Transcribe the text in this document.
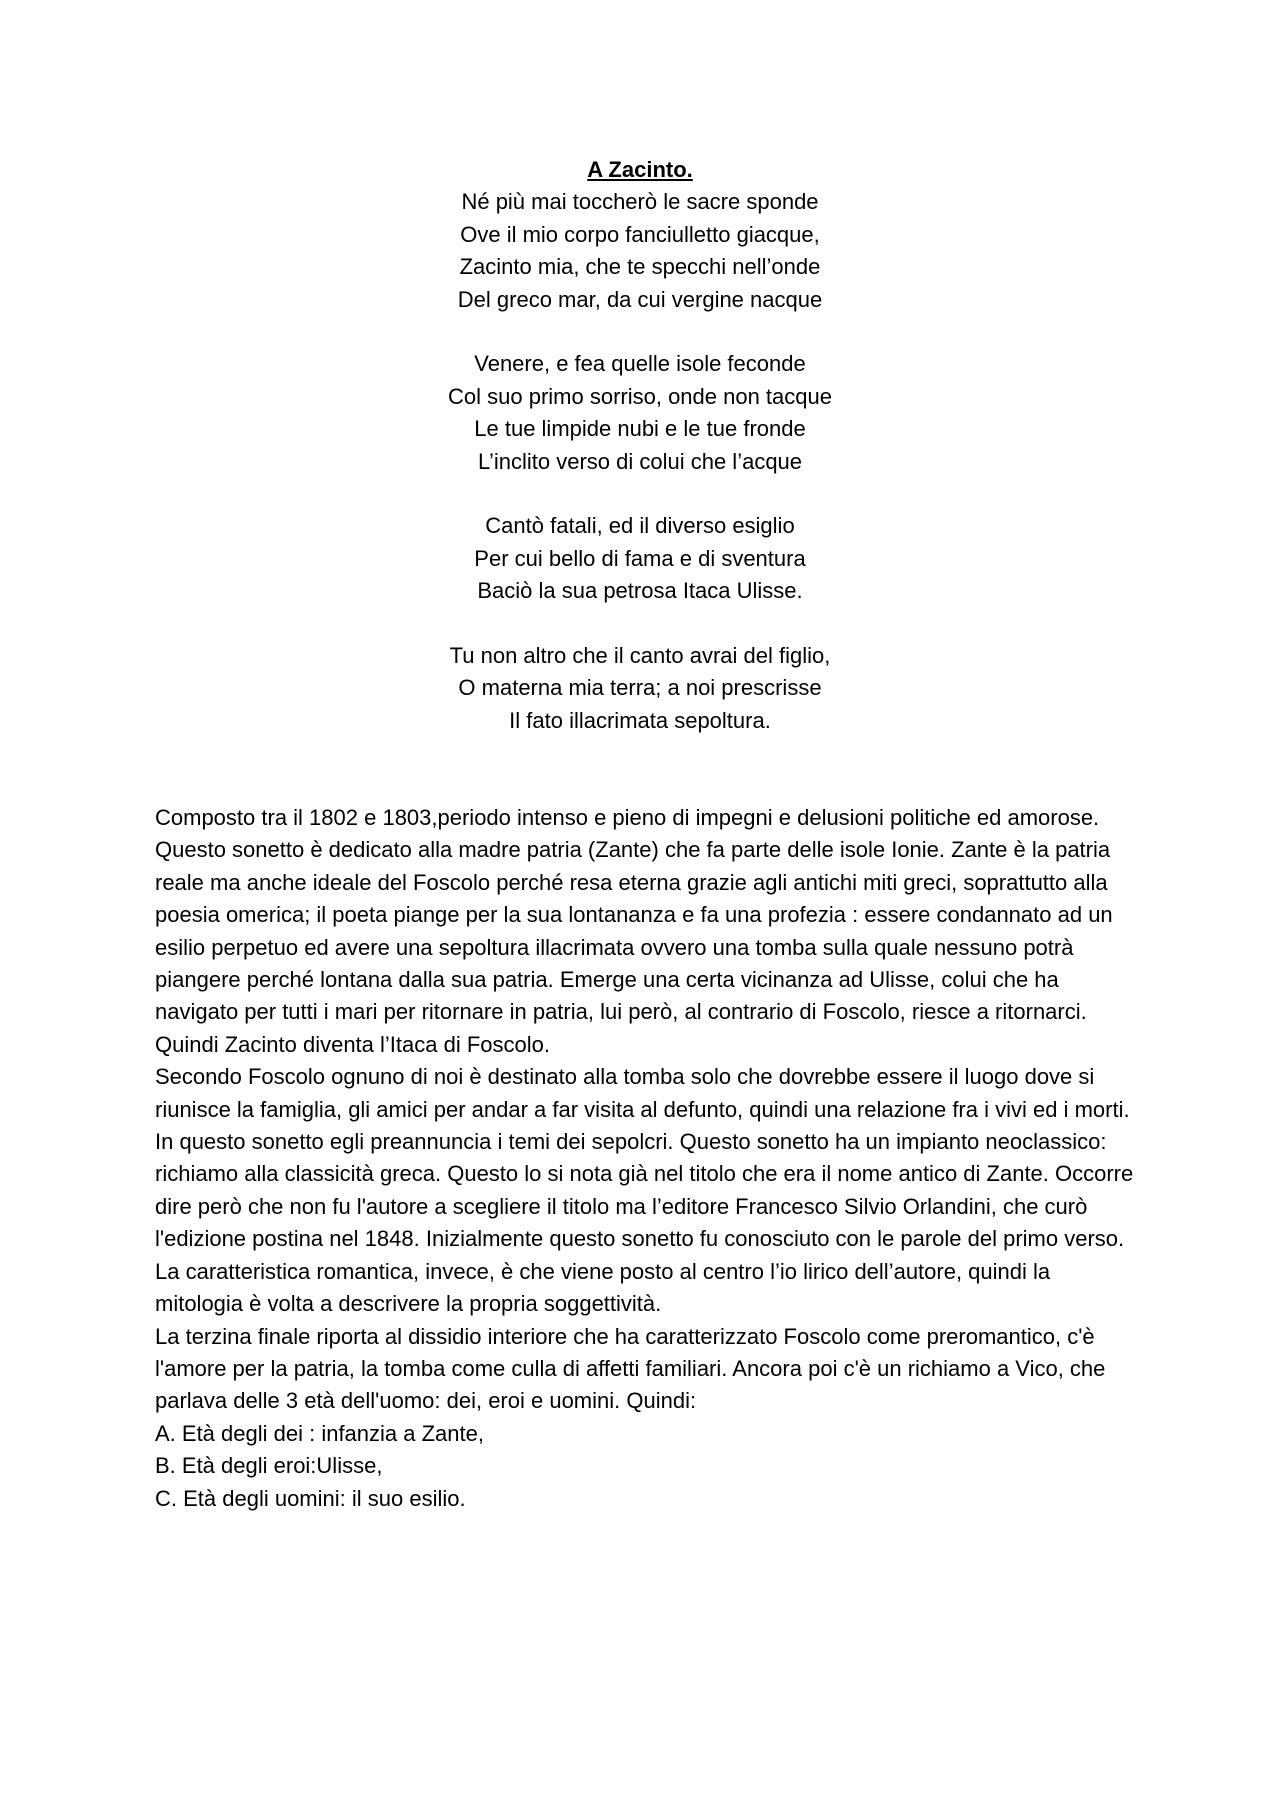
A Zacinto.
Né più mai toccherò le sacre sponde
Ove il mio corpo fanciulletto giacque,
Zacinto mia, che te specchi nell’onde
Del greco mar, da cui vergine nacque
Venere, e fea quelle isole feconde
Col suo primo sorriso, onde non tacque
Le tue limpide nubi e le tue fronde
L’inclito verso di colui che l’acque
Cantò fatali, ed il diverso esiglio
Per cui bello di fama e di sventura
Baciò la sua petrosa Itaca Ulisse.
Tu non altro che il canto avrai del figlio,
O materna mia terra; a noi prescrisse
Il fato illacrimata sepoltura.

Composto tra il 1802 e 1803,periodo intenso e pieno di impegni e delusioni politiche ed amorose.

Questo sonetto è dedicato alla madre patria (Zante) che fa parte delle isole Ionie. Zante è la patria reale ma anche ideale del Foscolo perché resa eterna grazie agli antichi miti greci, soprattutto alla poesia omerica; il poeta piange per la sua lontananza e fa una profezia : essere condannato ad un esilio perpetuo ed avere una sepoltura illacrimata ovvero una tomba sulla quale nessuno potrà piangere perché lontana dalla sua patria. Emerge una certa vicinanza ad Ulisse, colui che ha navigato per tutti i mari per ritornare in patria, lui però, al contrario di Foscolo, riesce a ritornarci. Quindi Zacinto diventa l’Itaca di Foscolo.

Secondo Foscolo ognuno di noi è destinato alla tomba solo che dovrebbe essere il luogo dove si riunisce la famiglia, gli amici per andar a far visita al defunto, quindi una relazione fra i vivi ed i morti.

In questo sonetto egli preannuncia i temi dei sepolcri. Questo sonetto ha un impianto neoclassico: richiamo alla classicità greca. Questo lo si nota già nel titolo che era il nome antico di Zante. Occorre dire però che non fu l'autore a scegliere il titolo ma l’editore Francesco Silvio Orlandini, che curò l'edizione postina nel 1848. Inizialmente questo sonetto fu conosciuto con le parole del primo verso.

La caratteristica romantica, invece, è che viene posto al centro l’io lirico dell’autore, quindi la mitologia è volta a descrivere la propria soggettività.

La terzina finale riporta al dissidio interiore che ha caratterizzato Foscolo come preromantico, c'è l'amore per la patria, la tomba come culla di affetti familiari. Ancora poi c'è un richiamo a Vico, che parlava delle 3 età dell'uomo: dei, eroi e uomini. Quindi:

A. Età degli dei : infanzia a Zante,

B. Età degli eroi:Ulisse,

C. Età degli uomini: il suo esilio.
